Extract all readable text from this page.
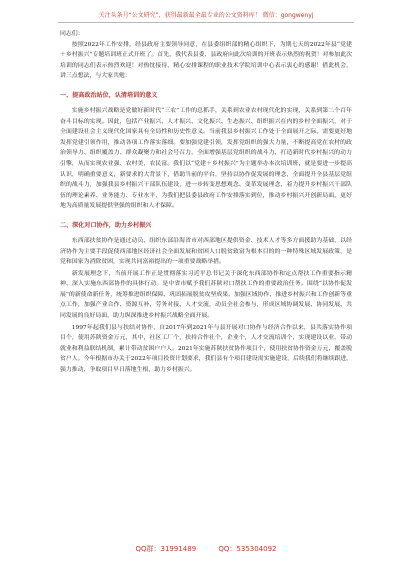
关注头条号“公文研究”，获得最新最全最专业的公文资料库！ 微信：gongwenyj

同志们：

按照2022年工作安排，经县政府主要领导同意，在县委组织部的精心组织下，为期七天的2022年县“党建＋乡村振兴”专题培训班正式开班了。首先，我代表县委、县政府向此次培训的开班表示热烈的祝贺！对参加此次培训的同志们表示热烈欢迎！对热忱接待、精心安排课程的职业技术学院培训中心表示衷心的感谢！借此机会，讲三点想法，与大家共勉：

一、提高政治站位，认清培训的意义

实施乡村振兴战略是党做好新时代“三农”工作的总抓手，关系到农业农村现代化的实现，关系到第二个百年奋斗目标的实现。因此，包括产业振兴、人才振兴、文化振兴、生态振兴、组织振兴在内的乡村全面振兴，对于全面建设社会主义现代化国家具有全局性和历史性意义。当前我县乡村振兴工作处于全面展开之际，需要更好地发挥党建引领作用，推动各项工作落实落细。要加强党建引领，发挥党组织的强大力量，不断提高党在农村的政治领导力、组织覆盖力、群众凝聚力和社会号召力，全面增强基层党组织的战斗力，打造新时代乡村振兴的动力引擎，从而实现农业强、农村美、农民富。我们以“党建＋乡村振兴”为主题举办本次培训班，就是要进一步提高认识，明确重要意义，新要求的大背景下，借助当前的平台，坚持以协作促发展的理念，全面提升全县基层党组织的战斗力，加强我县乡村振兴干部队伍建设，进一步转变思想观念、变革发展理念，着力提升乡村振兴干部队伍的理论素养、业务能力、专业水平，为我们把县委县政府工作安排落实到位，推动乡村振兴开创新局面，更好地为高质量发展提供坚强的组织和人才保障。

二、深化对口协作，助力乡村振兴

东西部扶贫协作是通过动员、组织东部沿海省市对西部地区提供资金、技术人才等多方面援助为基础，以经济协作为主要手段促使西部地区经济社会全面发展和贫困人口脱贫致富为根本目的的一种特殊区域发展政策，是党和国家为消除贫困，实现共同富裕提出的一项重要战略举措。

新发展理念下，当前开展工作正是贯彻落实习近平总书记关于深化东西部协作和定点帮扶工作重要指示精神、深入实施东西部协作的具体行动。是中省市赋予我们苏陕对口帮扶工作的重要政治任务。围绕“以协作促发展”的新使命新任务，统筹推进组织保障、巩固拓展脱贫攻坚成果、加强区域协作、推进乡村振兴和工作创新等重点工作，加强产业合作、资源互补、劳务对接、人才交流，动员全社会参与，形成区域协调发展、协同发展、共同发展的良好局面，助力纵深推进乡村振兴战略全面开展。

1997年起我们县与扶结对协作，自2017年到2021年与县开展对口协作与经济合作以来，县共落实协作项目个，使用苏陕资金万元，其中，社区工厂个，扶持合作社个，企业个，人才交流培训个，实现建设以业，带动就业和利益联结机制，累计带动贫困户户人。2021年实施苏陕扶贫协作项目个，使用扶贫协作资金万元，覆盖脱贫户人。今年根据市办关于2022年项目投资计划要求，我们县有个项目建设需实施建设，后续我们将继续跟进，强力推动，争取项目早日落地生根，助力乡村振兴。

QQ群：31991489	QQ：535304092
